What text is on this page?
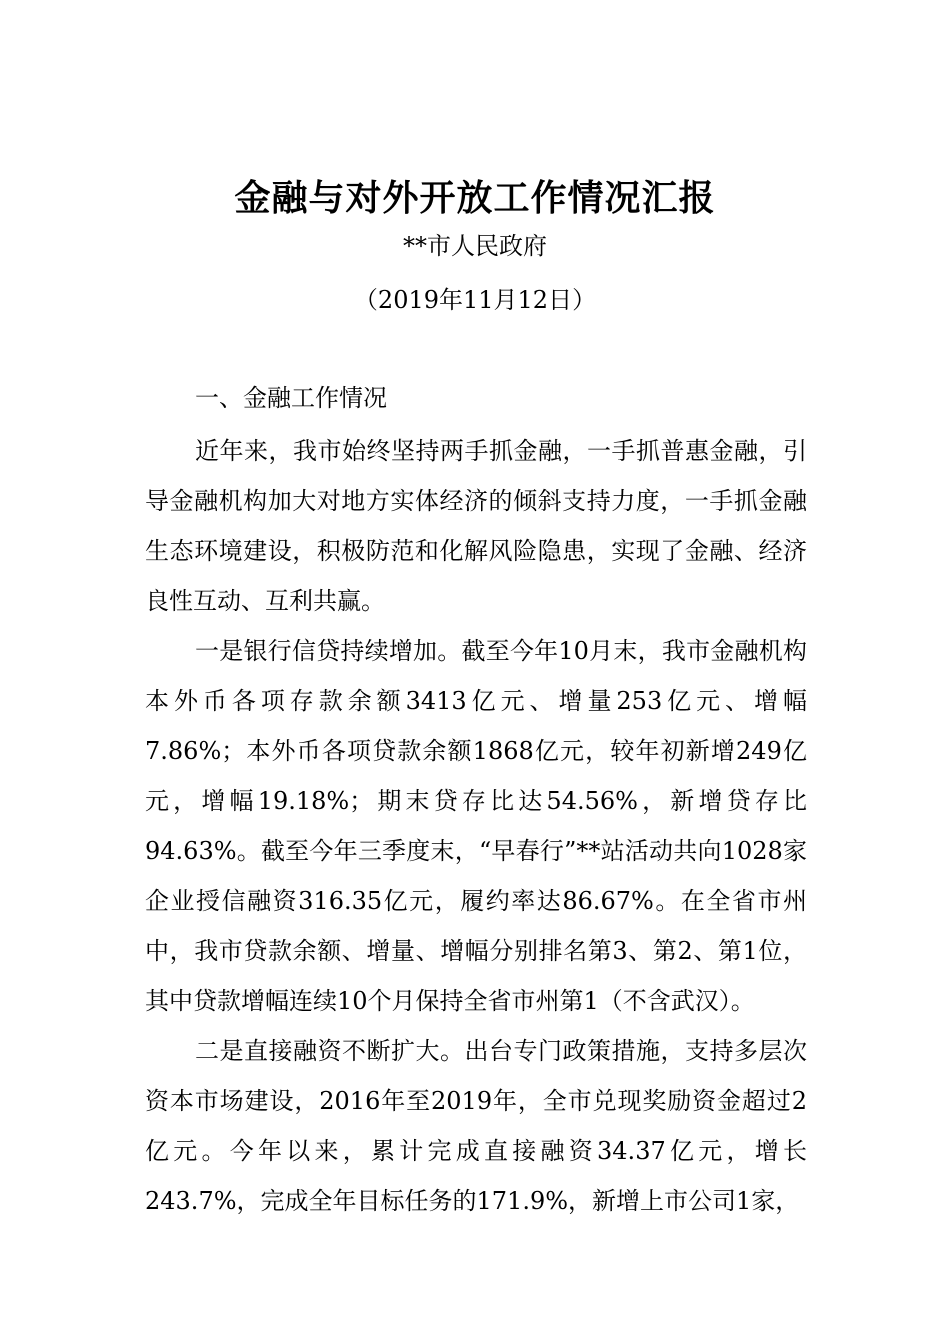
金融与对外开放工作情况汇报
**市人民政府
（2019年11月12日）
一、金融工作情况

近年来，我市始终坚持两手抓金融，一手抓普惠金融，引导金融机构加大对地方实体经济的倾斜支持力度，一手抓金融生态环境建设，积极防范和化解风险隐患，实现了金融、经济良性互动、互利共赢。

一是银行信贷持续增加。截至今年10月末，我市金融机构本外币各项存款余额3413亿元、增量253亿元、增幅7.86%；本外币各项贷款余额1868亿元，较年初新增249亿元，增幅19.18%；期末贷存比达54.56%，新增贷存比94.63%。截至今年三季度末，“早春行”**站活动共向1028家企业授信融资316.35亿元，履约率达86.67%。在全省市州中，我市贷款余额、增量、增幅分别排名第3、第2、第1位，其中贷款增幅连续10个月保持全省市州第1（不含武汉）。

二是直接融资不断扩大。出台专门政策措施，支持多层次资本市场建设，2016年至2019年，全市兑现奖励资金超过2亿元。今年以来，累计完成直接融资34.37亿元，增长243.7%，完成全年目标任务的171.9%，新增上市公司1家，
